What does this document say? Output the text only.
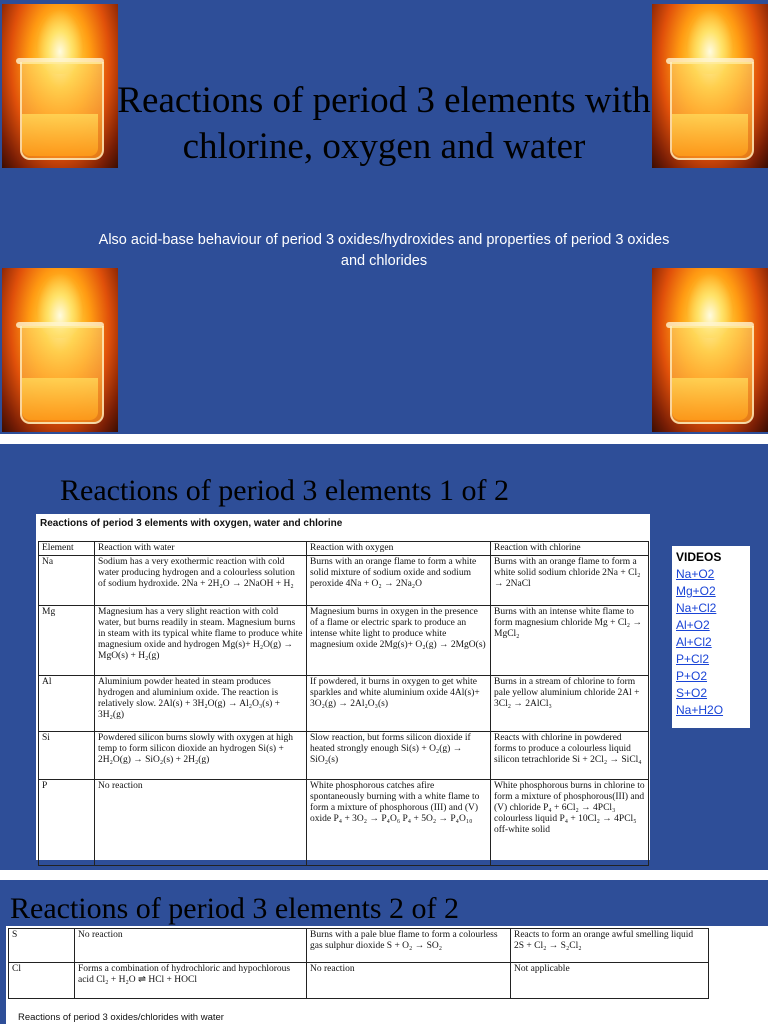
Reactions of period 3 elements with chlorine, oxygen and water
Also acid-base behaviour of period 3 oxides/hydroxides and properties of period 3 oxides and chlorides
Reactions of period 3 elements 1 of 2
Reactions of period 3 elements with oxygen, water and chlorine
Element	Reaction with water	Reaction with oxygen	Reaction with chlorine
Na	Sodium has a very exothermic reaction with cold water producing hydrogen and a colourless solution of sodium hydroxide. 2Na + 2H₂O → 2NaOH + H₂	Burns with an orange flame to form a white solid mixture of sodium oxide and sodium peroxide 4Na + O₂ → 2Na₂O	Burns with an orange flame to form a white solid sodium chloride 2Na + Cl₂ → 2NaCl
Mg	Magnesium has a very slight reaction with cold water, but burns readily in steam. Magnesium burns in steam with its typical white flame to produce white magnesium oxide and hydrogen Mg(s)+ H₂O(g) → MgO(s) + H₂(g)	Magnesium burns in oxygen in the presence of a flame or electric spark to produce an intense white light to produce white magnesium oxide 2Mg(s)+ O₂(g) → 2MgO(s)	Burns with an intense white flame to form magnesium chloride Mg + Cl₂ → MgCl₂
Al	Aluminium powder heated in steam produces hydrogen and aluminium oxide. The reaction is relatively slow. 2Al(s) + 3H₂O(g) → Al₂O₃(s) + 3H₂(g)	If powdered, it burns in oxygen to get white sparkles and white aluminium oxide 4Al(s)+ 3O₂(g) → 2Al₂O₃(s)	Burns in a stream of chlorine to form pale yellow aluminium chloride 2Al + 3Cl₂ → 2AlCl₃
Si	Powdered silicon burns slowly with oxygen at high temp to form silicon dioxide an hydrogen Si(s) + 2H₂O(g) → SiO₂(s) + 2H₂(g)	Slow reaction, but forms silicon dioxide if heated strongly enough Si(s) + O₂(g) → SiO₂(s)	Reacts with chlorine in powdered forms to produce a colourless liquid silicon tetrachloride Si + 2Cl₂ → SiCl₄
P	No reaction	White phosphorous catches afire spontaneously burning with a white flame to form a mixture of phosphorous (III) and (V) oxide P₄ + 3O₂ → P₄O₆ P₄ + 5O₂ → P₄O₁₀	White phosphorous burns in chlorine to form a mixture of phosphorous(III) and (V) chloride P₄ + 6Cl₂ → 4PCl₃ colourless liquid P₄ + 10Cl₂ → 4PCl₅ off-white solid
VIDEOS
Na+O2
Mg+O2
Na+Cl2
Al+O2
Al+Cl2
P+Cl2
P+O2
S+O2
Na+H2O
Reactions of period 3 elements 2 of 2
S	No reaction	Burns with a pale blue flame to form a colourless gas sulphur dioxide S + O₂ → SO₂	Reacts to form an orange awful smelling liquid 2S + Cl₂ → S₂Cl₂
Cl	Forms a combination of hydrochloric and hypochlorous acid Cl₂ + H₂O ⇌ HCl + HOCl	No reaction	Not applicable
Reactions of period 3 oxides/chlorides with water
